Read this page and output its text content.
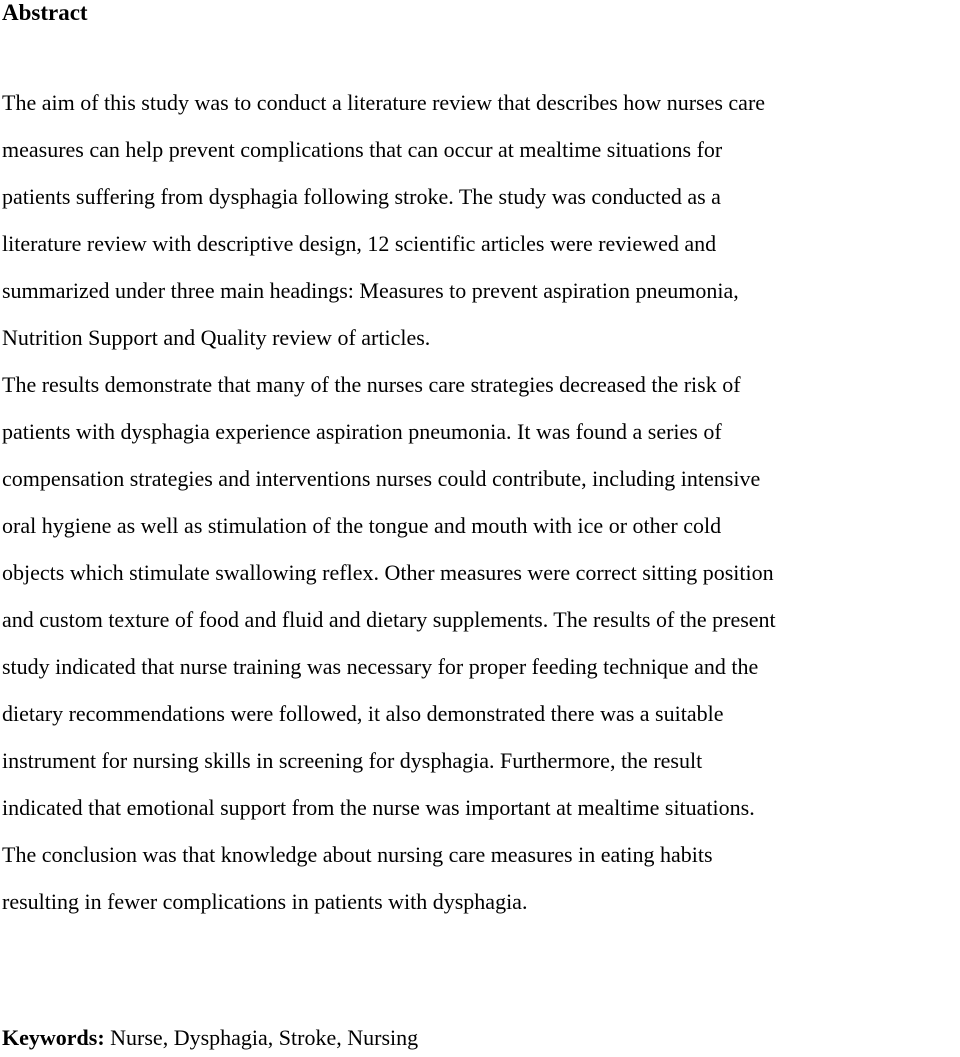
Abstract

The aim of this study was to conduct a literature review that describes how nurses care
measures can help prevent complications that can occur at mealtime situations for
patients suffering from dysphagia following stroke. The study was conducted as a
literature review with descriptive design, 12 scientific articles were reviewed and
summarized under three main headings: Measures to prevent aspiration pneumonia,
Nutrition Support and Quality review of articles.
The results demonstrate that many of the nurses care strategies decreased the risk of
patients with dysphagia experience aspiration pneumonia. It was found a series of
compensation strategies and interventions nurses could contribute, including intensive
oral hygiene as well as stimulation of the tongue and mouth with ice or other cold
objects which stimulate swallowing reflex. Other measures were correct sitting position
and custom texture of food and fluid and dietary supplements. The results of the present
study indicated that nurse training was necessary for proper feeding technique and the
dietary recommendations were followed, it also demonstrated there was a suitable
instrument for nursing skills in screening for dysphagia. Furthermore, the result
indicated that emotional support from the nurse was important at mealtime situations.
The conclusion was that knowledge about nursing care measures in eating habits
resulting in fewer complications in patients with dysphagia.

Keywords: Nurse, Dysphagia, Stroke, Nursing
